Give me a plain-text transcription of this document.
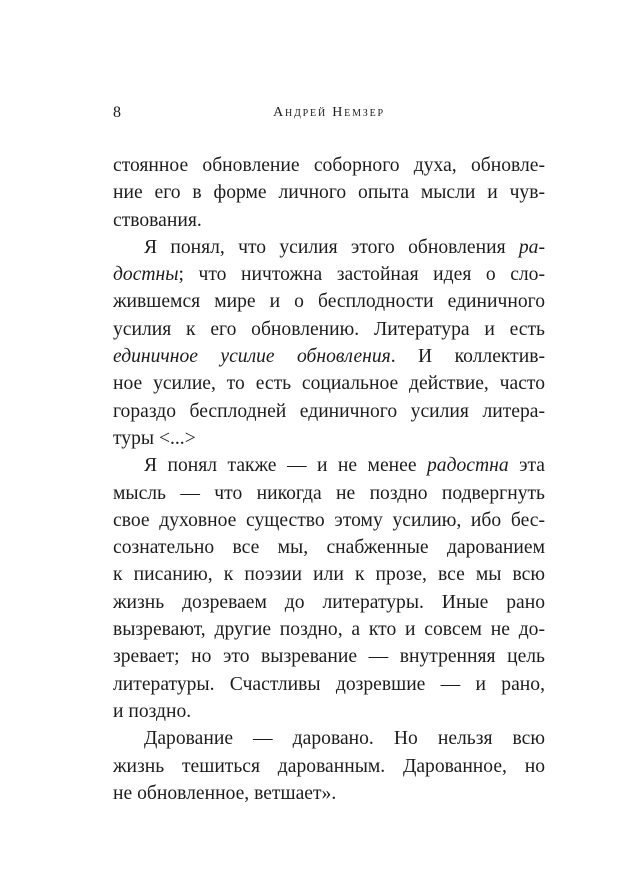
8	Андрей Немзер

стоянное обновление соборного духа, обновле-
ние его в форме личного опыта мысли и чув-
ствования.

Я понял, что усилия этого обновления ра-
достны; что ничтожна застойная идея о сло-
жившемся мире и о бесплодности единичного
усилия к его обновлению. Литература и есть
единичное усилие обновления. И коллектив-
ное усилие, то есть социальное действие, часто
гораздо бесплодней единичного усилия литера-
туры <...>

Я понял также — и не менее радостна эта
мысль — что никогда не поздно подвергнуть
свое духовное существо этому усилию, ибо бес-
сознательно все мы, снабженные дарованием
к писанию, к поэзии или к прозе, все мы всю
жизнь дозреваем до литературы. Иные рано
вызревают, другие поздно, а кто и совсем не до-
зревает; но это вызревание — внутренняя цель
литературы. Счастливы дозревшие — и рано,
и поздно.

Дарование — даровано. Но нельзя всю
жизнь тешиться дарованным. Дарованное, но
не обновленное, ветшает».
